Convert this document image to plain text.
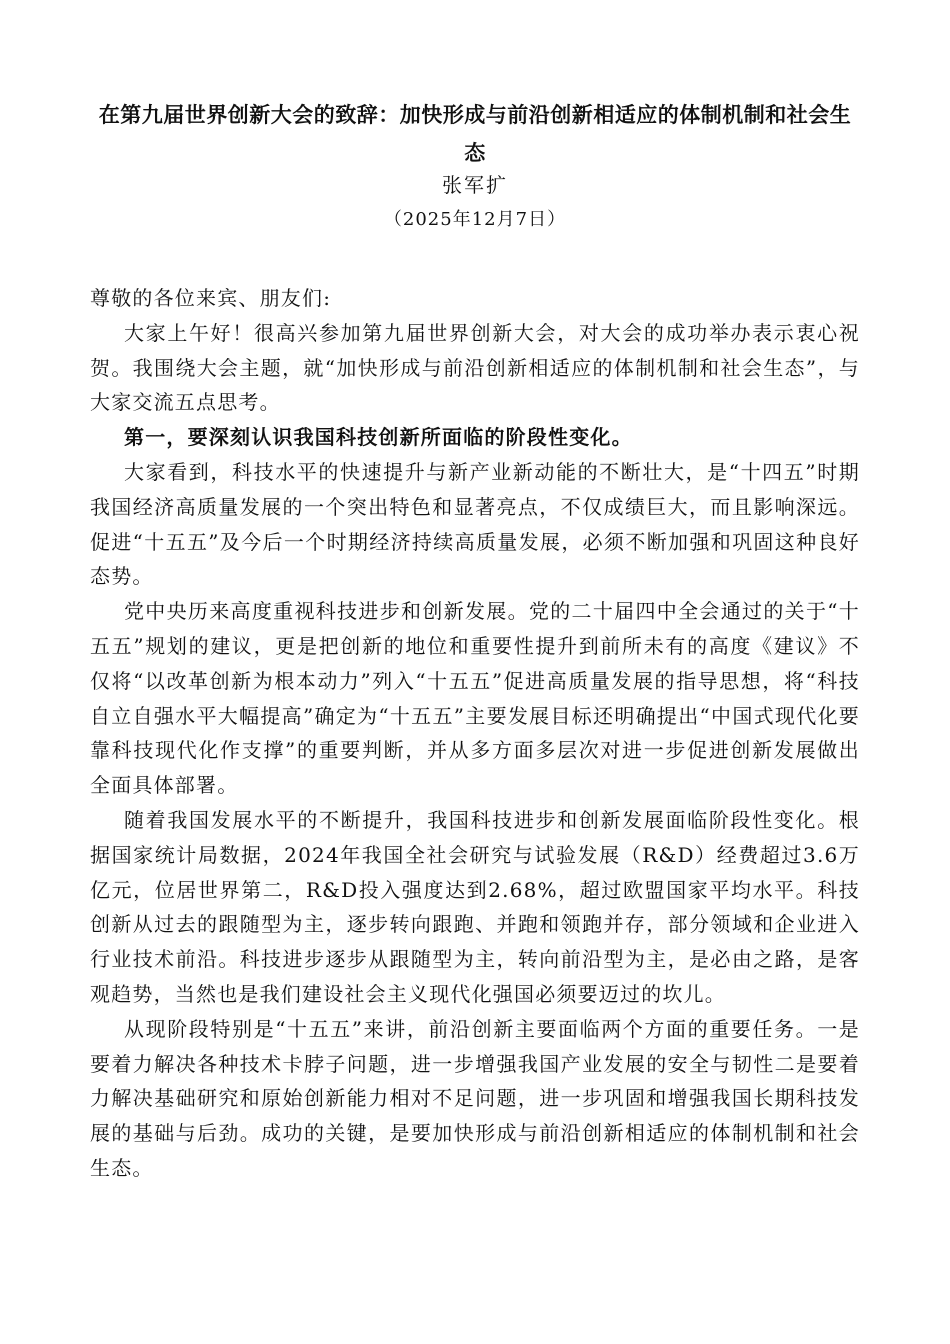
在第九届世界创新大会的致辞：加快形成与前沿创新相适应的体制机制和社会生态
张军扩
（2025年12月7日）

尊敬的各位来宾、朋友们:

大家上午好！很高兴参加第九届世界创新大会，对大会的成功举办表示衷心祝贺。我围绕大会主题，就“加快形成与前沿创新相适应的体制机制和社会生态”，与大家交流五点思考。

第一，要深刻认识我国科技创新所面临的阶段性变化。

大家看到，科技水平的快速提升与新产业新动能的不断壮大，是“十四五”时期我国经济高质量发展的一个突出特色和显著亮点，不仅成绩巨大，而且影响深远。促进“十五五”及今后一个时期经济持续高质量发展，必须不断加强和巩固这种良好态势。

党中央历来高度重视科技进步和创新发展。党的二十届四中全会通过的关于“十五五”规划的建议，更是把创新的地位和重要性提升到前所未有的高度《建议》不仅将“以改革创新为根本动力”列入“十五五”促进高质量发展的指导思想，将“科技自立自强水平大幅提高”确定为“十五五”主要发展目标还明确提出“中国式现代化要靠科技现代化作支撑”的重要判断，并从多方面多层次对进一步促进创新发展做出全面具体部署。

随着我国发展水平的不断提升，我国科技进步和创新发展面临阶段性变化。根据国家统计局数据，2024年我国全社会研究与试验发展（R&D）经费超过3.6万亿元，位居世界第二，R&D投入强度达到2.68%，超过欧盟国家平均水平。科技创新从过去的跟随型为主，逐步转向跟跑、并跑和领跑并存，部分领域和企业进入行业技术前沿。科技进步逐步从跟随型为主，转向前沿型为主，是必由之路，是客观趋势，当然也是我们建设社会主义现代化强国必须要迈过的坎儿。

从现阶段特别是“十五五”来讲，前沿创新主要面临两个方面的重要任务。一是要着力解决各种技术卡脖子问题，进一步增强我国产业发展的安全与韧性二是要着力解决基础研究和原始创新能力相对不足问题，进一步巩固和增强我国长期科技发展的基础与后劲。成功的关键，是要加快形成与前沿创新相适应的体制机制和社会生态。
